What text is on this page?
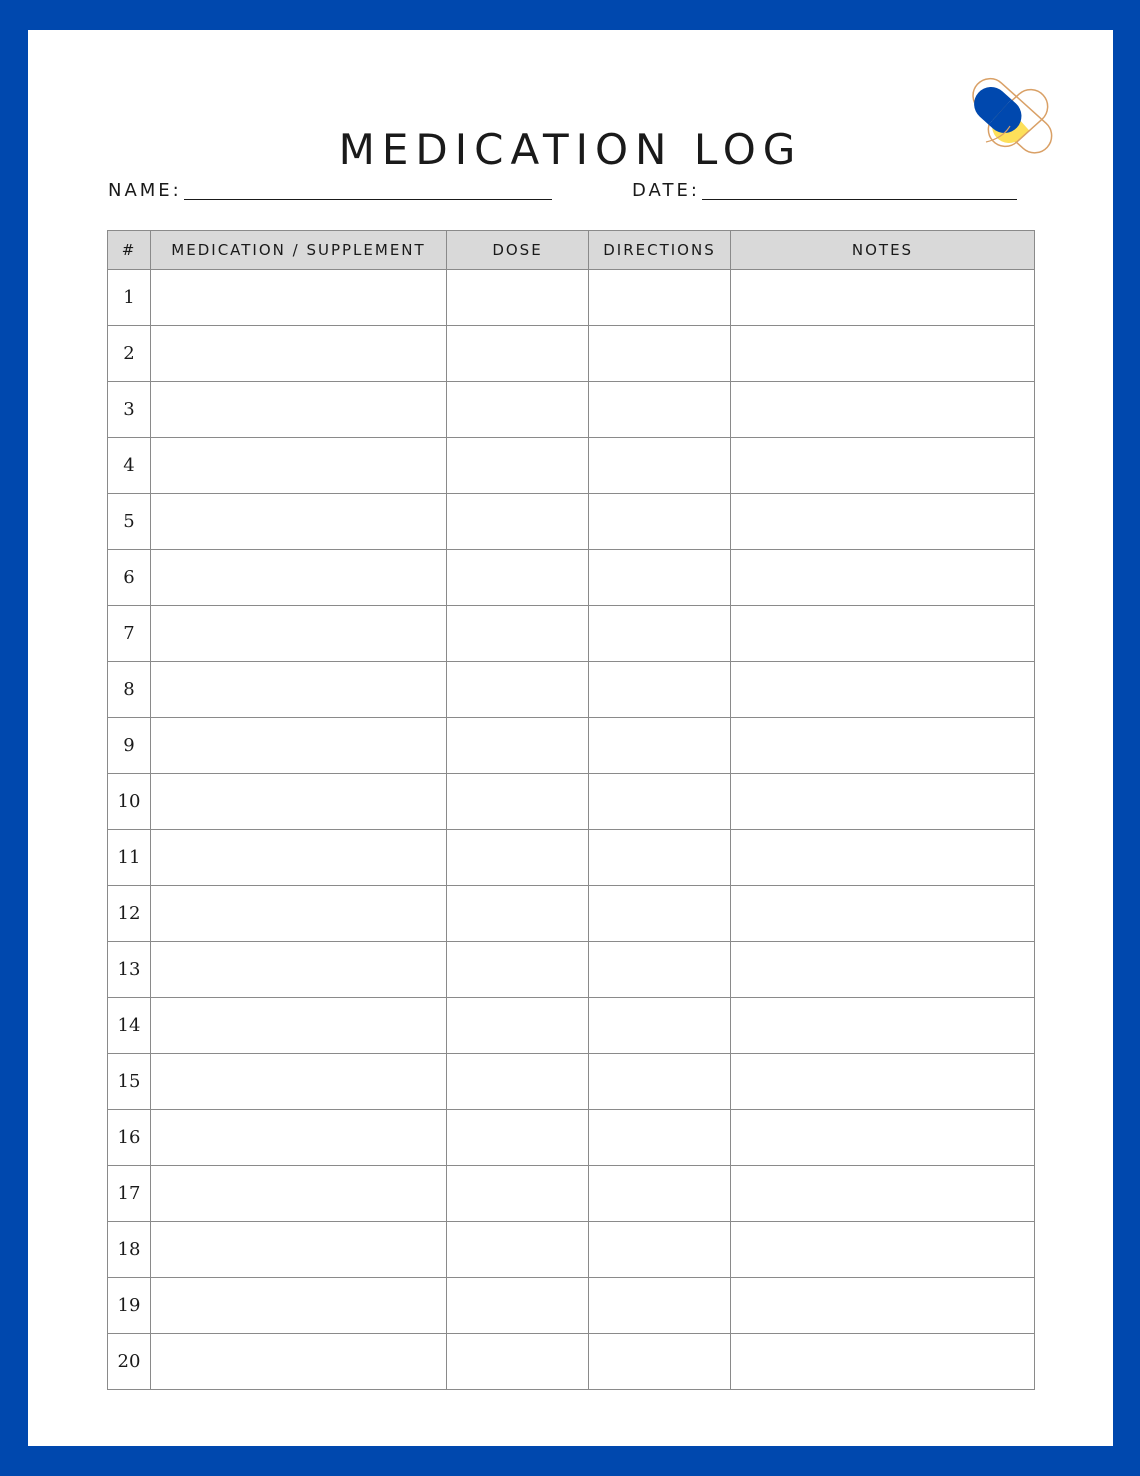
MEDICATION LOG
NAME:	DATE:
#	MEDICATION / SUPPLEMENT	DOSE	DIRECTIONS	NOTES
1				
2				
3				
4				
5				
6				
7				
8				
9				
10				
11				
12				
13				
14				
15				
16				
17				
18				
19				
20				
